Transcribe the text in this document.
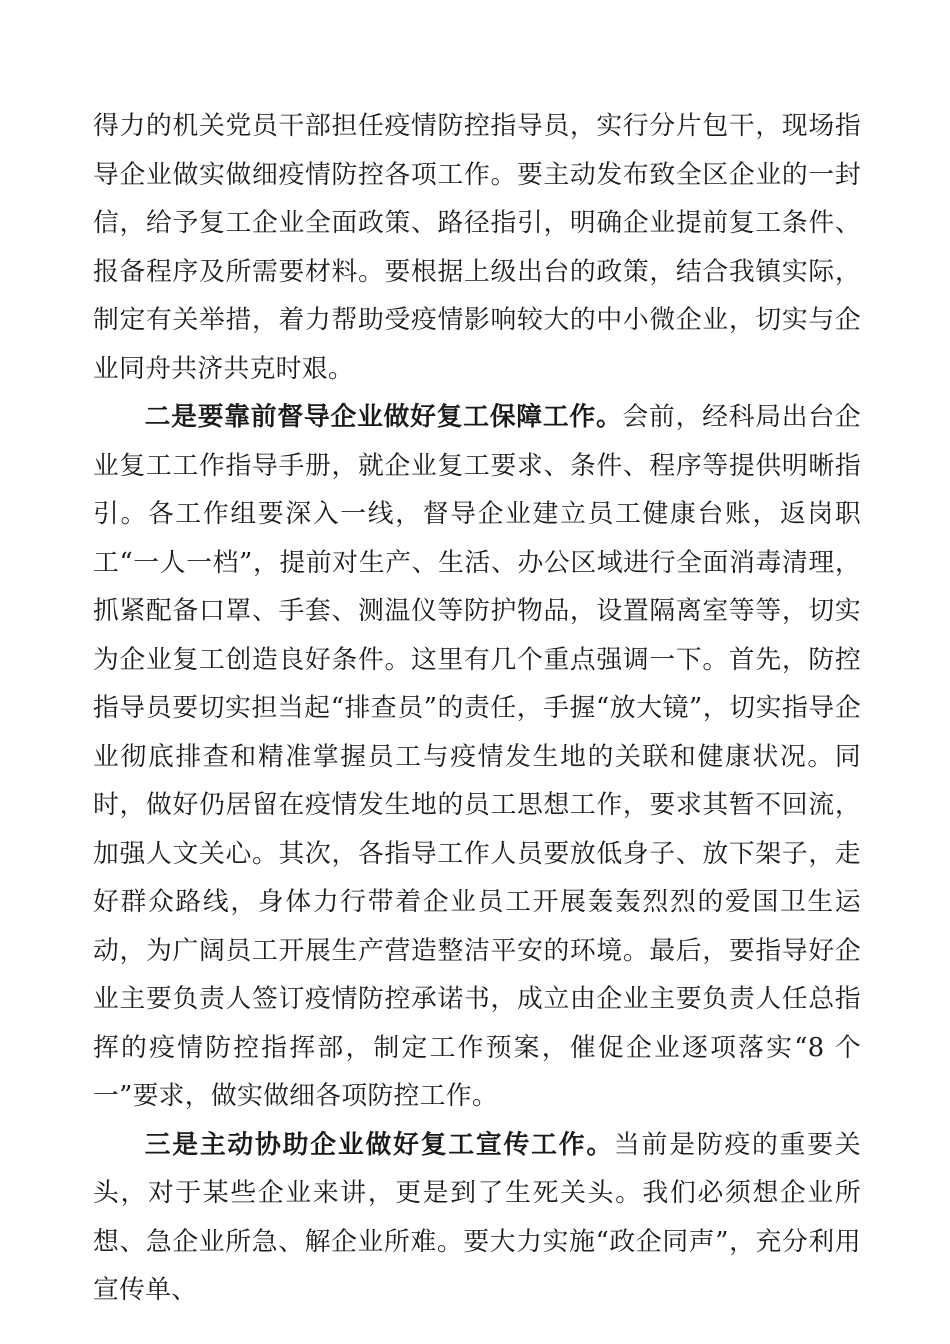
得力的机关党员干部担任疫情防控指导员，实行分片包干，现场指导企业做实做细疫情防控各项工作。要主动发布致全区企业的一封信，给予复工企业全面政策、路径指引，明确企业提前复工条件、报备程序及所需要材料。要根据上级出台的政策，结合我镇实际，制定有关举措，着力帮助受疫情影响较大的中小微企业，切实与企业同舟共济共克时艰。

二是要靠前督导企业做好复工保障工作。会前，经科局出台企业复工工作指导手册，就企业复工要求、条件、程序等提供明晰指引。各工作组要深入一线，督导企业建立员工健康台账，返岗职工“一人一档”，提前对生产、生活、办公区域进行全面消毒清理，抓紧配备口罩、手套、测温仪等防护物品，设置隔离室等等，切实为企业复工创造良好条件。这里有几个重点强调一下。首先，防控指导员要切实担当起“排查员”的责任，手握“放大镜”，切实指导企业彻底排查和精准掌握员工与疫情发生地的关联和健康状况。同时，做好仍居留在疫情发生地的员工思想工作，要求其暂不回流，加强人文关心。其次，各指导工作人员要放低身子、放下架子，走好群众路线，身体力行带着企业员工开展轰轰烈烈的爱国卫生运动，为广阔员工开展生产营造整洁平安的环境。最后，要指导好企业主要负责人签订疫情防控承诺书，成立由企业主要负责人任总指挥的疫情防控指挥部，制定工作预案，催促企业逐项落实“8 个一”要求，做实做细各项防控工作。

三是主动协助企业做好复工宣传工作。当前是防疫的重要关头，对于某些企业来讲，更是到了生死关头。我们必须想企业所想、急企业所急、解企业所难。要大力实施“政企同声”，充分利用宣传单、
